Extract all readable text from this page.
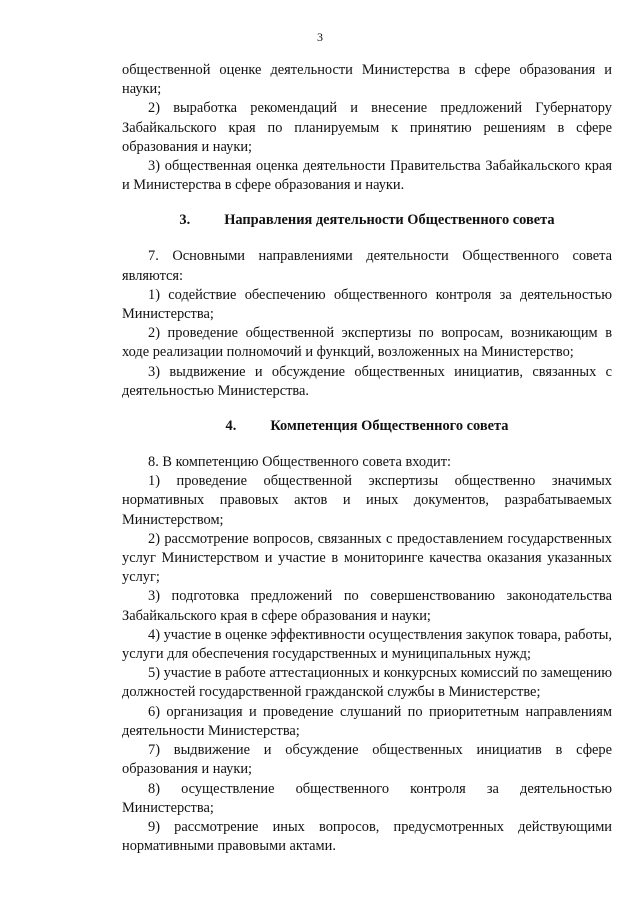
3

общественной оценке деятельности Министерства в сфере образования и науки;

2) выработка рекомендаций и внесение предложений Губернатору Забайкальского края по планируемым к принятию решениям в сфере образования и науки;

3) общественная оценка деятельности Правительства Забайкальского края и Министерства в сфере образования и науки.

3. Направления деятельности Общественного совета

7. Основными направлениями деятельности Общественного совета являются:

1) содействие обеспечению общественного контроля за деятельностью Министерства;

2) проведение общественной экспертизы по вопросам, возникающим в ходе реализации полномочий и функций, возложенных на Министерство;

3) выдвижение и обсуждение общественных инициатив, связанных с деятельностью Министерства.

4. Компетенция Общественного совета

8. В компетенцию Общественного совета входит:

1) проведение общественной экспертизы общественно значимых нормативных правовых актов и иных документов, разрабатываемых Министерством;

2) рассмотрение вопросов, связанных с предоставлением государственных услуг Министерством и участие в мониторинге качества оказания указанных услуг;

3) подготовка предложений по совершенствованию законодательства Забайкальского края в сфере образования и науки;

4) участие в оценке эффективности осуществления закупок товара, работы, услуги для обеспечения государственных и муниципальных нужд;

5) участие в работе аттестационных и конкурсных комиссий по замещению должностей государственной гражданской службы в Министерстве;

6) организация и проведение слушаний по приоритетным направлениям деятельности Министерства;

7) выдвижение и обсуждение общественных инициатив в сфере образования и науки;

8) осуществление общественного контроля за деятельностью Министерства;

9) рассмотрение иных вопросов, предусмотренных действующими нормативными правовыми актами.
